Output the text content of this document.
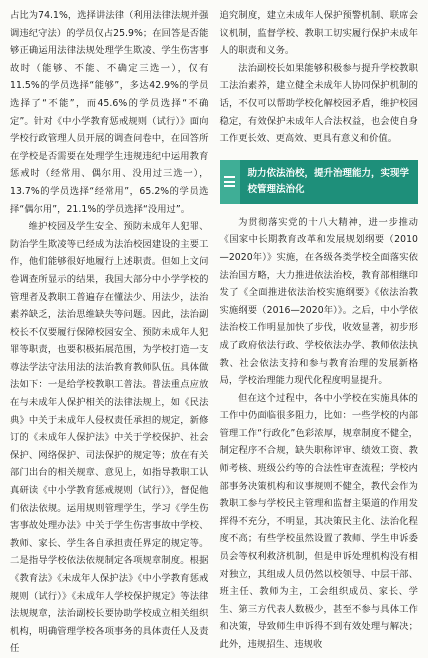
占比为74.1%，选择讲法律（利用法律法规并强调违纪守法）的学员仅占25.9%；在回答是否能够正确运用法律法规处理学生欺凌、学生伤害事故时（能够、不能、不确定三选一），仅有11.5%的学员选择“能够”，多达42.9%的学员选择了“不能”，而45.6%的学员选择“不确定”。针对《中小学教育惩戒规则（试行）》面向学校行政管理人员开展的调查问卷中，在回答所在学校是否需要在处理学生违规违纪中运用教育惩戒时（经常用、偶尔用、没用过三选一），13.7%的学员选择“经常用”，65.2%的学员选择“偶尔用”，21.1%的学员选择“没用过”。

维护校园及学生安全、预防未成年人犯罪、防治学生欺凌等已经成为法治校园建设的主要工作，他们能够很好地履行上述职责。但如上文问卷调查所显示的结果，我国大部分中小学学校的管理者及教职工普遍存在懂法少、用法少，法治素养缺乏，法治思维缺失等问题。因此，法治副校长不仅要履行保障校园安全、预防未成年人犯罪等职责，也要积极拓展范围，为学校打造一支尊法学法守法用法的法治教育教师队伍。具体做法如下：一是给学校教职工普法。普法重点应放在与未成年人保护相关的法律法规上，如《民法典》中关于未成年人侵权责任承担的规定，新修订的《未成年人保护法》中关于学校保护、社会保护、网络保护、司法保护的规定等；放在有关部门出台的相关规章、意见上，如指导教职工认真研读《中小学教育惩戒规则（试行）》，督促他们依法依规。运用规则管理学生，学习《学生伤害事故处理办法》中关于学生伤害事故中学校、教师、家长、学生各自承担责任界定的规定等。二是指导学校依法依规制定各项规章制度。根据《教育法》《未成年人保护法》《中小学教育惩戒规则（试行）》《未成年人学校保护规定》等法律法规规章，法治副校长要协助学校成立相关组织机构，明确管理学校各项事务的具体责任人及责任

追究制度，建立未成年人保护预警机制、联席会议机制，监督学校、教职工切实履行保护未成年人的职责和义务。

法治副校长如果能够积极参与提升学校教职工法治素养，建立健全未成年人协同保护机制的话，不仅可以帮助学校化解校园矛盾，维护校园稳定，有效保护未成年人合法权益，也会使自身工作更长效、更高效、更具有意义和价值。

助力依法治校，提升治理能力，实现学校管理法治化

为贯彻落实党的十八大精神，进一步推动《国家中长期教育改革和发展规划纲要（2010—2020年）》实施，在各级各类学校全面落实依法治国方略，大力推进依法治校，教育部相继印发了《全面推进依法治校实施纲要》《依法治教实施纲要（2016—2020年）》。之后，中小学依法治校工作明显加快了步伐，收效显著，初步形成了政府依法行政、学校依法办学、教师依法执教、社会依法支持和参与教育治理的发展新格局，学校治理能力现代化程度明显提升。

但在这个过程中，各中小学校在实施具体的工作中仍面临很多阻力，比如：一些学校的内部管理工作“行政化”色彩浓厚，规章制度不健全，制定程序不合规，缺失职称评审、绩效工资、教师考核、班级公约等的合法性审查流程；学校内部事务决策机构和议事规则不健全，教代会作为教职工参与学校民主管理和监督主渠道的作用发挥得不充分，不明显，其决策民主化、法治化程度不高；有些学校虽然设置了教师、学生申诉委员会等权利救济机制，但是申诉处理机构没有相对独立，其组成人员仍然以校领导、中层干部、班主任、教师为主，工会组织成员、家长、学生、第三方代表人数极少，甚至不参与具体工作和决策，导致师生申诉得不到有效处理与解决；此外，违规招生、违规收
